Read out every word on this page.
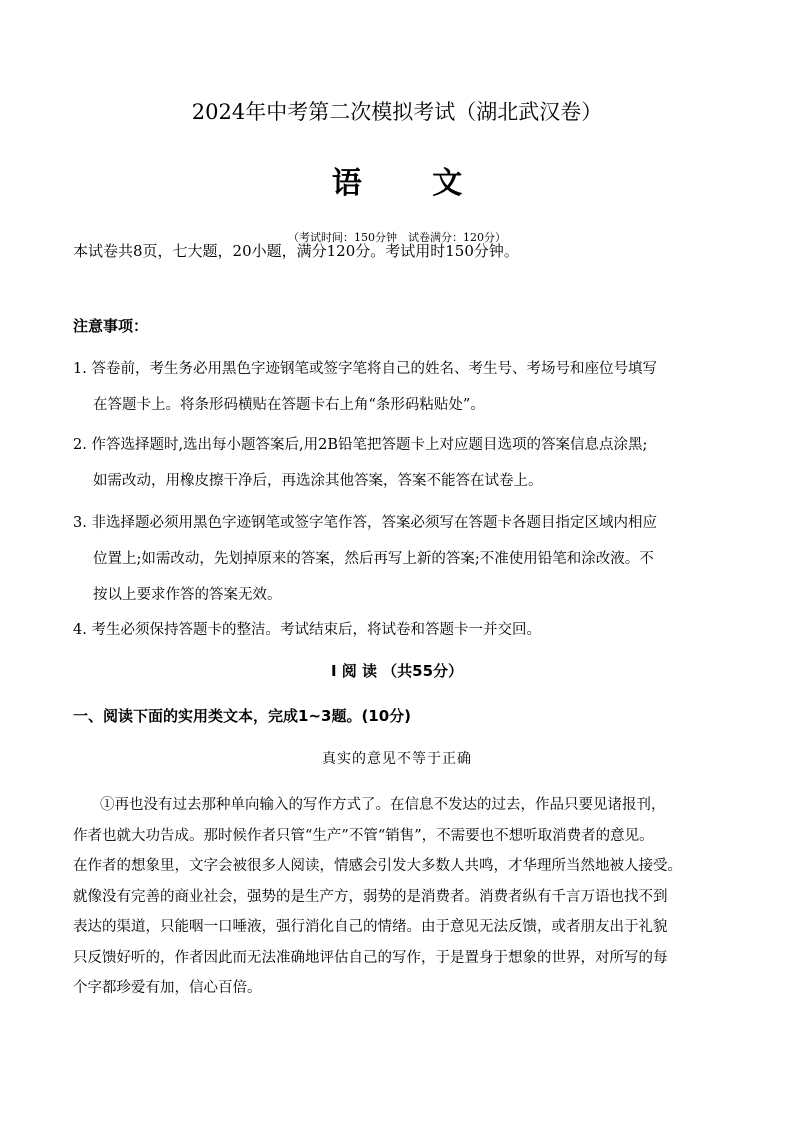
2024年中考第二次模拟考试（湖北武汉卷）
语 文
（考试时间：150分钟　试卷满分：120分）
本试卷共8页，七大题，20小题，满分120分。考试用时150分钟。
注意事项：
1. 答卷前，考生务必用黑色字迹钢笔或签字笔将自己的姓名、考生号、考场号和座位号填写
在答题卡上。将条形码横贴在答题卡右上角“条形码粘贴处”。
2. 作答选择题时,选出每小题答案后,用2B铅笔把答题卡上对应题目选项的答案信息点涂黑;
如需改动，用橡皮擦干净后，再选涂其他答案，答案不能答在试卷上。
3. 非选择题必须用黑色字迹钢笔或签字笔作答，答案必须写在答题卡各题目指定区域内相应
位置上;如需改动，先划掉原来的答案，然后再写上新的答案;不准使用铅笔和涂改液。不
按以上要求作答的答案无效。
4. 考生必须保持答题卡的整洁。考试结束后，将试卷和答题卡一并交回。
I 阅 读 （共55分）
一、阅读下面的实用类文本，完成1~3题。(10分)
真实的意见不等于正确
①再也没有过去那种单向输入的写作方式了。在信息不发达的过去，作品只要见诸报刊，
作者也就大功告成。那时候作者只管“生产”不管“销售”，不需要也不想听取消费者的意见。
在作者的想象里，文字会被很多人阅读，情感会引发大多数人共鸣，才华理所当然地被人接受。
就像没有完善的商业社会，强势的是生产方，弱势的是消费者。消费者纵有千言万语也找不到
表达的渠道，只能咽一口唾液，强行消化自己的情绪。由于意见无法反馈，或者朋友出于礼貌
只反馈好听的，作者因此而无法准确地评估自己的写作，于是置身于想象的世界，对所写的每
个字都珍爱有加，信心百倍。
